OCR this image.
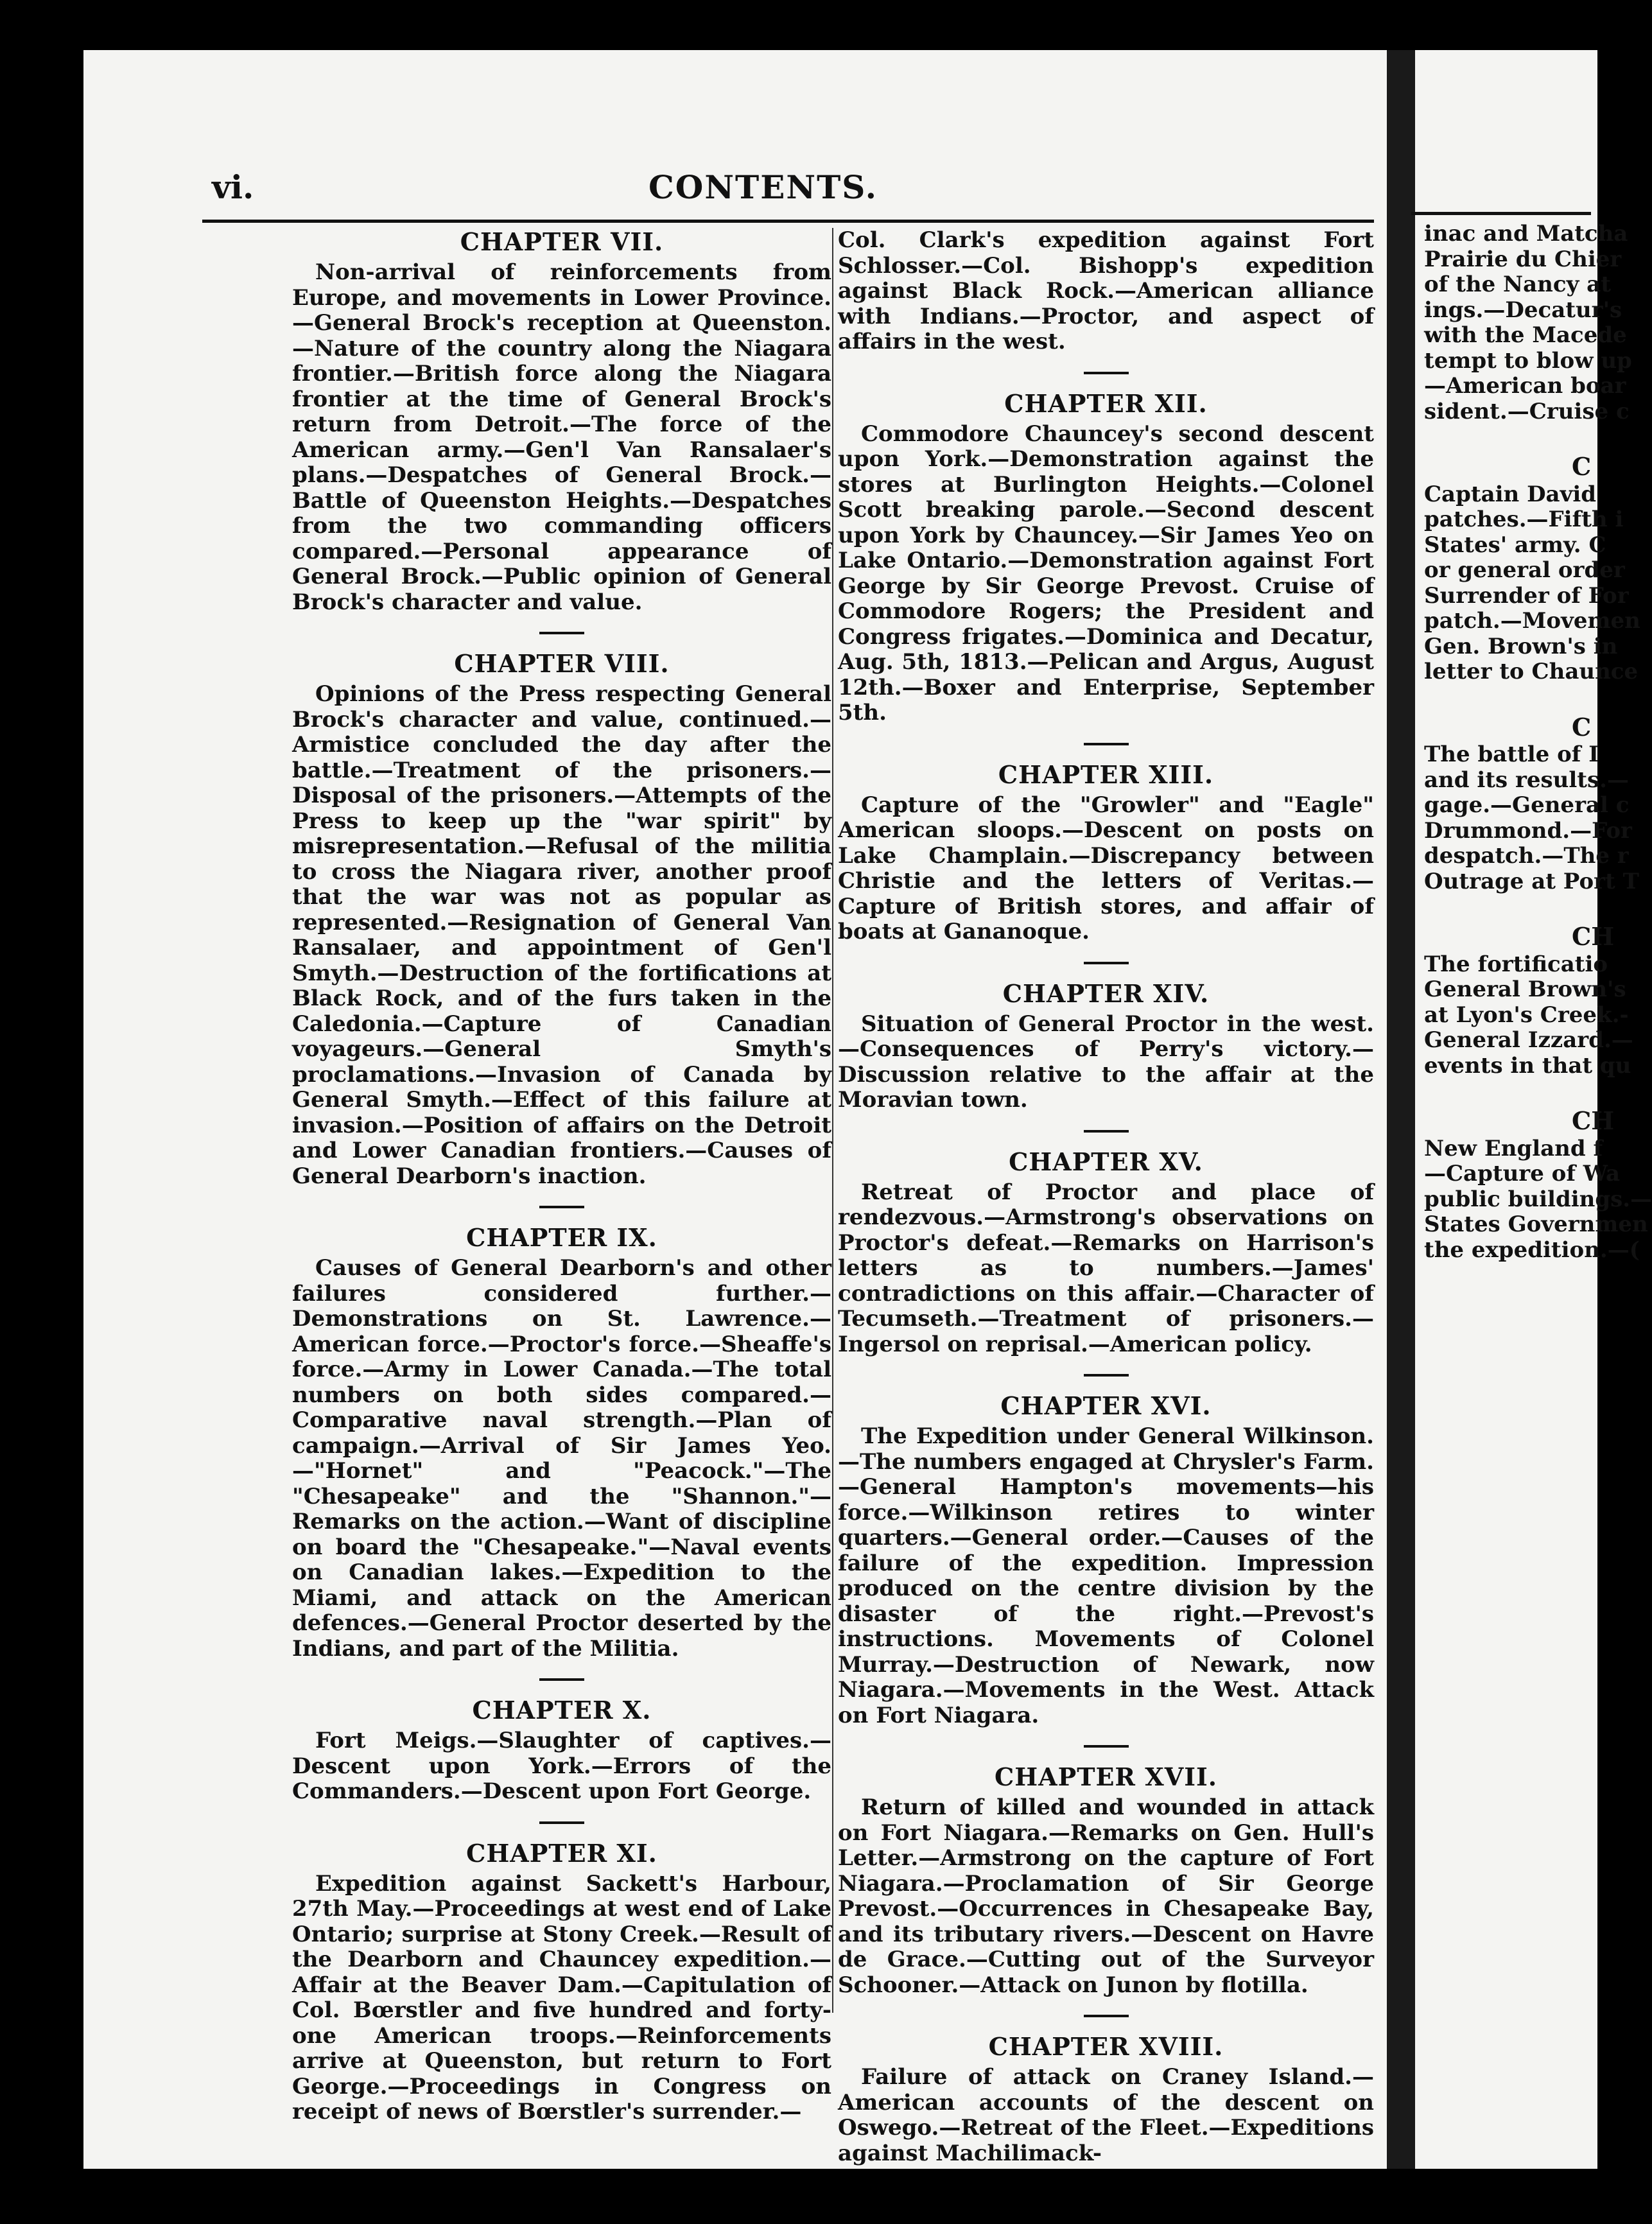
inac and Matcha
Prairie du Chier
of the Nancy at
ings.—Decatur's
with the Macede
tempt to blow up
—American boar
sident.—Cruise c
C
Captain David
patches.—Fifth i
States' army. C
or general order
Surrender of For
patch.—Movemen
Gen. Brown's in
letter to Chaunce
C
The battle of I
and its results.—
gage.—General c
Drummond.—For
despatch.—The r
Outrage at Port T
CH
The fortificatio
General Brown's
at Lyon's Creek.-
General Izzard.—
events in that qu
CH
New England f
—Capture of Wa
public buildings.—
States Governmen
the expedition.—(
vi.	CONTENTS.
CHAPTER VII.

Non-arrival of reinforcements from Europe, and movements in Lower Province.—General Brock's reception at Queenston.—Nature of the country along the Niagara frontier.—British force along the Niagara frontier at the time of General Brock's return from Detroit.—The force of the American army.—Gen'l Van Ransalaer's plans.—Despatches of General Brock.—Battle of Queenston Heights.—Despatches from the two commanding officers compared.—Personal appearance of General Brock.—Public opinion of General Brock's character and value.

CHAPTER VIII.

Opinions of the Press respecting General Brock's character and value, continued.—Armistice concluded the day after the battle.—Treatment of the prisoners.—Disposal of the prisoners.—Attempts of the Press to keep up the "war spirit" by misrepresentation.—Refusal of the militia to cross the Niagara river, another proof that the war was not as popular as represented.—Resignation of General Van Ransalaer, and appointment of Gen'l Smyth.—Destruction of the fortifications at Black Rock, and of the furs taken in the Caledonia.—Capture of Canadian voyageurs.—General Smyth's proclamations.—Invasion of Canada by General Smyth.—Effect of this failure at invasion.—Position of affairs on the Detroit and Lower Canadian frontiers.—Causes of General Dearborn's inaction.

CHAPTER IX.

Causes of General Dearborn's and other failures considered further.—Demonstrations on St. Lawrence.—American force.—Proctor's force.—Sheaffe's force.—Army in Lower Canada.—The total numbers on both sides compared.—Comparative naval strength.—Plan of campaign.—Arrival of Sir James Yeo.—"Hornet" and "Peacock."—The "Chesapeake" and the "Shannon."—Remarks on the action.—Want of discipline on board the "Chesapeake."—Naval events on Canadian lakes.—Expedition to the Miami, and attack on the American defences.—General Proctor deserted by the Indians, and part of the Militia.

CHAPTER X.

Fort Meigs.—Slaughter of captives.—Descent upon York.—Errors of the Commanders.—Descent upon Fort George.

CHAPTER XI.

Expedition against Sackett's Harbour, 27th May.—Proceedings at west end of Lake Ontario; surprise at Stony Creek.—Result of the Dearborn and Chauncey expedition.—Affair at the Beaver Dam.—Capitulation of Col. Bœrstler and five hundred and forty-one American troops.—Reinforcements arrive at Queenston, but return to Fort George.—Proceedings in Congress on receipt of news of Bœrstler's surrender.—

Col. Clark's expedition against Fort Schlosser.—Col. Bishopp's expedition against Black Rock.—American alliance with Indians.—Proctor, and aspect of affairs in the west.

CHAPTER XII.

Commodore Chauncey's second descent upon York.—Demonstration against the stores at Burlington Heights.—Colonel Scott breaking parole.—Second descent upon York by Chauncey.—Sir James Yeo on Lake Ontario.—Demonstration against Fort George by Sir George Prevost. Cruise of Commodore Rogers; the President and Congress frigates.—Dominica and Decatur, Aug. 5th, 1813.—Pelican and Argus, August 12th.—Boxer and Enterprise, September 5th.

CHAPTER XIII.

Capture of the "Growler" and "Eagle" American sloops.—Descent on posts on Lake Champlain.—Discrepancy between Christie and the letters of Veritas.—Capture of British stores, and affair of boats at Gananoque.

CHAPTER XIV.

Situation of General Proctor in the west.—Consequences of Perry's victory.—Discussion relative to the affair at the Moravian town.

CHAPTER XV.

Retreat of Proctor and place of rendezvous.—Armstrong's observations on Proctor's defeat.—Remarks on Harrison's letters as to numbers.—James' contradictions on this affair.—Character of Tecumseth.—Treatment of prisoners.—Ingersol on reprisal.—American policy.

CHAPTER XVI.

The Expedition under General Wilkinson.—The numbers engaged at Chrysler's Farm.—General Hampton's movements—his force.—Wilkinson retires to winter quarters.—General order.—Causes of the failure of the expedition. Impression produced on the centre division by the disaster of the right.—Prevost's instructions. Movements of Colonel Murray.—Destruction of Newark, now Niagara.—Movements in the West. Attack on Fort Niagara.

CHAPTER XVII.

Return of killed and wounded in attack on Fort Niagara.—Remarks on Gen. Hull's Letter.—Armstrong on the capture of Fort Niagara.—Proclamation of Sir George Prevost.—Occurrences in Chesapeake Bay, and its tributary rivers.—Descent on Havre de Grace.—Cutting out of the Surveyor Schooner.—Attack on Junon by flotilla.

CHAPTER XVIII.

Failure of attack on Craney Island.—American accounts of the descent on Oswego.—Retreat of the Fleet.—Expeditions against Machilimack-
